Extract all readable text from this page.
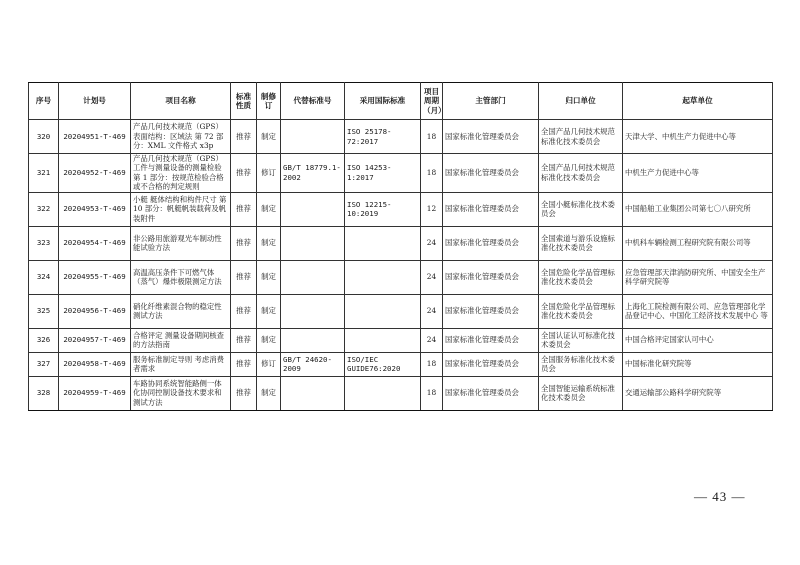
序号	计划号	项目名称	标准性质	制修订	代替标准号	采用国际标准	项目周期（月）	主管部门	归口单位	起草单位
320	20204951-T-469	产品几何技术规范（GPS）表面结构：区域法 第 72 部分：XML 文件格式 x3p	推荐	制定		ISO 25178-72:2017	18	国家标准化管理委员会	全国产品几何技术规范标准化技术委员会	天津大学、中机生产力促进中心等
321	20204952-T-469	产品几何技术规范（GPS）工件与测量设备的测量检验 第 1 部分：按规范检验合格或不合格的判定规则	推荐	修订	GB/T 18779.1-2002	ISO 14253-1:2017	18	国家标准化管理委员会	全国产品几何技术规范标准化技术委员会	中机生产力促进中心等
322	20204953-T-469	小艇 艇体结构和构件尺寸 第 10 部分：帆艇帆装载荷及帆装附件	推荐	制定		ISO 12215-10:2019	12	国家标准化管理委员会	全国小艇标准化技术委员会	中国船舶工业集团公司第七〇八研究所
323	20204954-T-469	非公路用旅游观光车制动性能试验方法	推荐	制定			24	国家标准化管理委员会	全国索道与游乐设施标准化技术委员会	中机科车辆检测工程研究院有限公司等
324	20204955-T-469	高温高压条件下可燃气体（蒸气）爆炸极限测定方法	推荐	制定			24	国家标准化管理委员会	全国危险化学品管理标准化技术委员会	应急管理部天津消防研究所、中国安全生产科学研究院等
325	20204956-T-469	硝化纤维素混合物的稳定性测试方法	推荐	制定			24	国家标准化管理委员会	全国危险化学品管理标准化技术委员会	上海化工院检测有限公司、应急管理部化学品登记中心、中国化工经济技术发展中心 等
326	20204957-T-469	合格评定 测量设备期间核查的方法指南	推荐	制定			24	国家标准化管理委员会	全国认证认可标准化技术委员会	中国合格评定国家认可中心
327	20204958-T-469	服务标准制定导则 考虑消费者需求	推荐	修订	GB/T 24620-2009	ISO/IEC GUIDE76:2020	18	国家标准化管理委员会	全国服务标准化技术委员会	中国标准化研究院等
328	20204959-T-469	车路协同系统智能路侧一体化协同控制设备技术要求和测试方法	推荐	制定			18	国家标准化管理委员会	全国智能运输系统标准化技术委员会	交通运输部公路科学研究院等
— 43 —
